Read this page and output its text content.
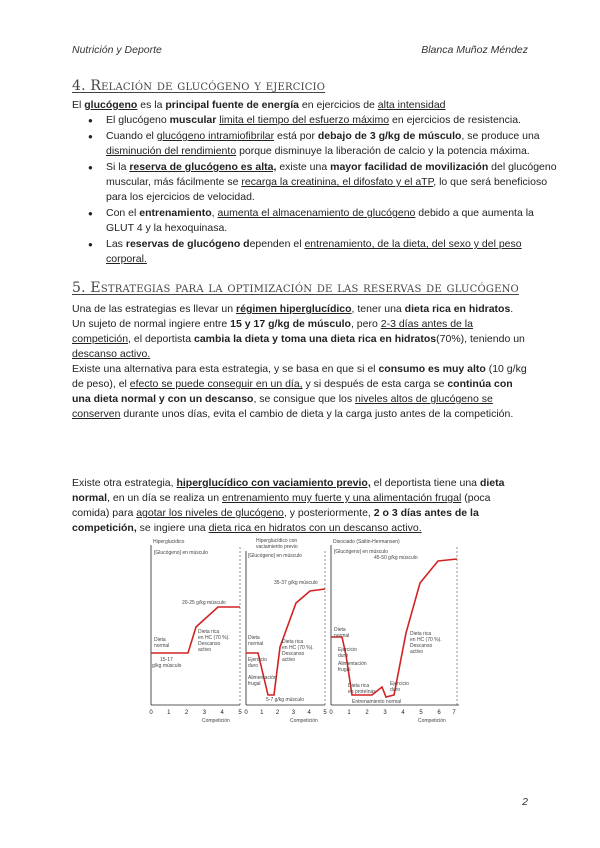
Nutrición y Deporte	Blanca Muñoz Méndez
4. Relación de glucógeno y ejercicio
El glucógeno es la principal fuente de energía en ejercicios de alta intensidad
● El glucógeno muscular limita el tiempo del esfuerzo máximo en ejercicios de resistencia.
● Cuando el glucógeno intramiofibrilar está por debajo de 3 g/kg de músculo, se produce una disminución del rendimiento porque disminuye la liberación de calcio y la potencia máxima.
● Si la reserva de glucógeno es alta, existe una mayor facilidad de movilización del glucógeno muscular, más fácilmente se recarga la creatinina, el difosfato y el aTP, lo que será beneficioso para los ejercicios de velocidad.
● Con el entrenamiento, aumenta el almacenamiento de glucógeno debido a que aumenta la GLUT 4 y la hexoquinasa.
● Las reservas de glucógeno dependen el entrenamiento, de la dieta, del sexo y del peso corporal.
5. Estrategias para la optimización de las reservas de glucógeno
Una de las estrategias es llevar un régimen hiperglucídico, tener una dieta rica en hidratos. Un sujeto de normal ingiere entre 15 y 17 g/kg de músculo, pero 2-3 días antes de la competición, el deportista cambia la dieta y toma una dieta rica en hidratos(70%), teniendo un descanso activo.
Existe una alternativa para esta estrategia, y se basa en que si el consumo es muy alto (10 g/kg de peso), el efecto se puede conseguir en un día, y si después de esta carga se continúa con una dieta normal y con un descanso, se consigue que los niveles altos de glucógeno se conserven durante unos días, evita el cambio de dieta y la carga justo antes de la competición.
Existe otra estrategia, hiperglucídico con vaciamiento previo, el deportista tiene una dieta normal, en un día se realiza un entrenamiento muy fuerte y una alimentación frugal (poca comida) para agotar los niveles de glucógeno, y posteriormente, 2 o 3 días antes de la competición, se ingiere una dieta rica en hidratos con un descanso activo.
Hiperglucidico
[Glucógeno] en músculo
20-25 g/kg músculo
Dieta
normal
15-17
g/kg músculo
Dieta rica
en HC (70 %).
Descanso
activo
0 1 2 3 4 5
Competición
Hiperglucídico con
vaciamiento previo
[Glucógeno] en músculo
35-37 g/kg músculo
Dieta
normal
Ejercicio
duro
Alimentación
frugal
5-7 g/kg músculo
Dieta rica
en HC (70 %).
Descanso
activo
0 1 2 3 4 5
Competición
Disociado (Saltin-Hermansen)
[Glucógeno] en músculo
45-50 g/kg músculo
Dieta
normal
Ejercicio
duro
Alimentación
frugal
Dieta rica
en proteínas
Ejercicio
duro
Dieta rica
en HC (70 %).
Descanso
activo
Entrenamiento normal
0 1 2 3 4 5 6 7
Competición
2
